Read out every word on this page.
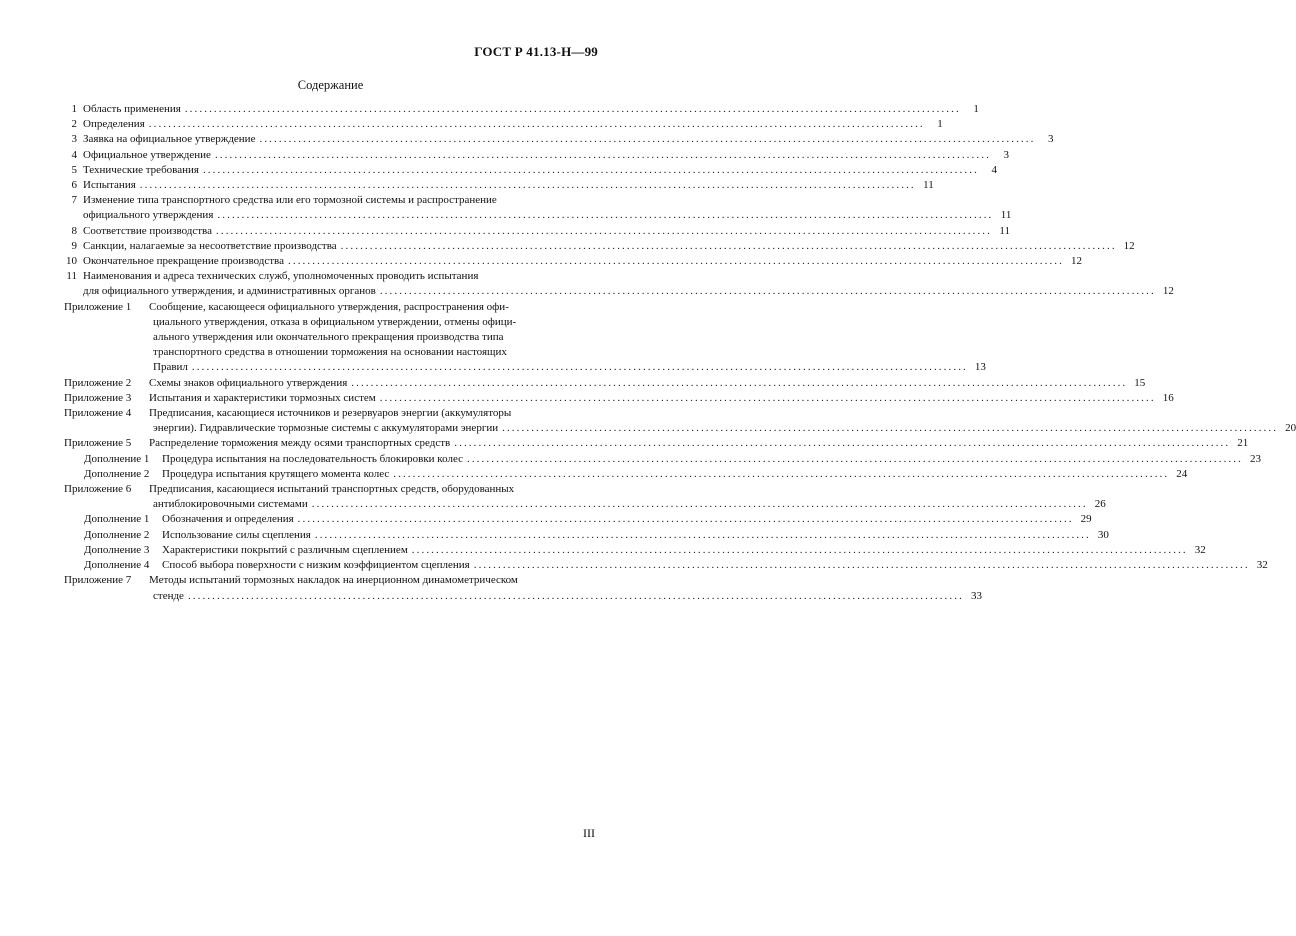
ГОСТ Р 41.13-Н—99
Содержание
1 Область применения ................................................................................................................................................................	1
2 Определения ................................................................................................................................................................	1
3 Заявка на официальное утверждение ................................................................................................................................................................	3
4 Официальное утверждение ................................................................................................................................................................	3
5 Технические требования ................................................................................................................................................................	4
6 Испытания ................................................................................................................................................................ 11
7 Изменение типа транспортного средства или его тормозной системы и распространение
официального утверждения ................................................................................................................................................................ 11
8 Соответствие производства ................................................................................................................................................................ 11
9 Санкции, налагаемые за несоответствие производства ................................................................................................................................................................ 12
10 Окончательное прекращение производства ................................................................................................................................................................ 12
11 Наименования и адреса технических служб, уполномоченных проводить испытания
для официального утверждения, и административных органов ................................................................................................................................................................ 12
Приложение 1 Сообщение, касающееся официального утверждения, распространения офи-
циального утверждения, отказа в официальном утверждении, отмены офици-
ального утверждения или окончательного прекращения производства типа
транспортного средства в отношении торможения на основании настоящих
Правил ................................................................................................................................................................ 13
Приложение 2 Схемы знаков официального утверждения ................................................................................................................................................................ 15
Приложение 3 Испытания и характеристики тормозных систем ................................................................................................................................................................ 16
Приложение 4 Предписания, касающиеся источников и резервуаров энергии (аккумуляторы
энергии). Гидравлические тормозные системы с аккумуляторами энергии ................................................................................................................................................................ 20
Приложение 5 Распределение торможения между осями транспортных средств ................................................................................................................................................................ 21
Дополнение 1 Процедура испытания на последовательность блокировки колес ................................................................................................................................................................ 23
Дополнение 2 Процедура испытания крутящего момента колес ................................................................................................................................................................ 24
Приложение 6 Предписания, касающиеся испытаний транспортных средств, оборудованных
антиблокировочными системами ................................................................................................................................................................ 26
Дополнение 1 Обозначения и определения ................................................................................................................................................................ 29
Дополнение 2 Использование силы сцепления ................................................................................................................................................................ 30
Дополнение 3 Характеристики покрытий с различным сцеплением ................................................................................................................................................................ 32
Дополнение 4 Способ выбора поверхности с низким коэффициентом сцепления ................................................................................................................................................................ 32
Приложение 7 Методы испытаний тормозных накладок на инерционном динамометрическом
стенде ................................................................................................................................................................ 33
III
